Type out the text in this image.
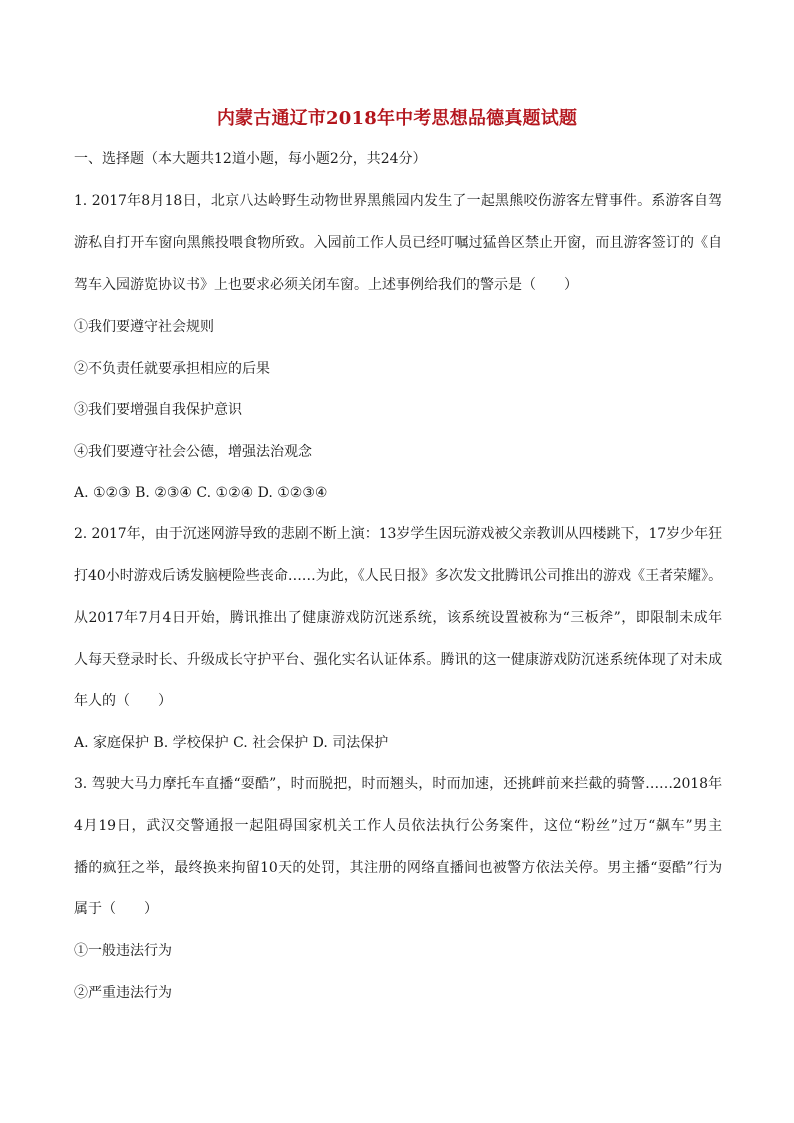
内蒙古通辽市2018年中考思想品德真题试题
一、选择题（本大题共12道小题，每小题2分，共24分）
1. 2017年8月18日，北京八达岭野生动物世界黑熊园内发生了一起黑熊咬伤游客左臂事件。系游客自驾
游私自打开车窗向黑熊投喂食物所致。入园前工作人员已经叮嘱过猛兽区禁止开窗，而且游客签订的《自
驾车入园游览协议书》上也要求必须关闭车窗。上述事例给我们的警示是（　　）
①我们要遵守社会规则
②不负责任就要承担相应的后果
③我们要增强自我保护意识
④我们要遵守社会公德，增强法治观念
A. ①②③ B. ②③④ C. ①②④ D. ①②③④
2. 2017年，由于沉迷网游导致的悲剧不断上演：13岁学生因玩游戏被父亲教训从四楼跳下，17岁少年狂
打40小时游戏后诱发脑梗险些丧命……为此，《人民日报》多次发文批腾讯公司推出的游戏《王者荣耀》。
从2017年7月4日开始，腾讯推出了健康游戏防沉迷系统，该系统设置被称为“三板斧”，即限制未成年
人每天登录时长、升级成长守护平台、强化实名认证体系。腾讯的这一健康游戏防沉迷系统体现了对未成
年人的（　　）
A. 家庭保护 B. 学校保护 C. 社会保护 D. 司法保护
3. 驾驶大马力摩托车直播“耍酷”，时而脱把，时而翘头，时而加速，还挑衅前来拦截的骑警……2018年
4月19日，武汉交警通报一起阻碍国家机关工作人员依法执行公务案件，这位“粉丝”过万“飙车”男主
播的疯狂之举，最终换来拘留10天的处罚，其注册的网络直播间也被警方依法关停。男主播“耍酷”行为
属于（　　）
①一般违法行为
②严重违法行为
